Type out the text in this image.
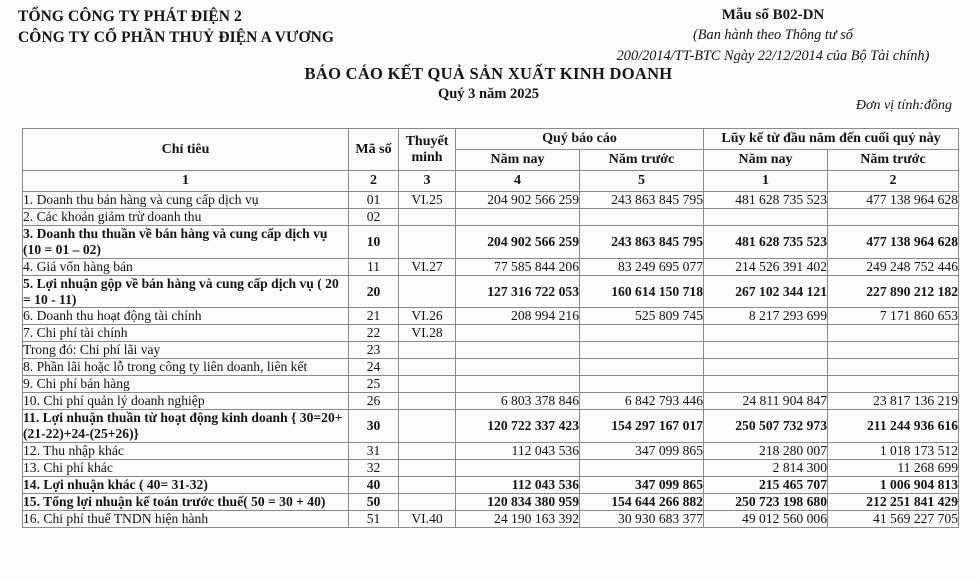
TỔNG CÔNG TY PHÁT ĐIỆN 2
CÔNG TY CỔ PHẦN THUỶ ĐIỆN A VƯƠNG
Mẫu số B02-DN
(Ban hành theo Thông tư số
200/2014/TT-BTC Ngày 22/12/2014 của Bộ Tài chính)
BÁO CÁO KẾT QUẢ SẢN XUẤT KINH DOANH
Quý 3 năm 2025
Đơn vị tính:đồng
Chỉ tiêu	Mã số	Thuyết minh	Quý báo cáo		Lũy kế từ đầu năm đến cuối quý này	
			Năm nay	Năm trước	Năm nay	Năm trước
1	2	3	4	5	1	2
1. Doanh thu bán hàng và cung cấp dịch vụ	01	VI.25	204 902 566 259	243 863 845 795	481 628 735 523	477 138 964 628
2. Các khoản giảm trừ doanh thu	02					
3. Doanh thu thuần về bán hàng và cung cấp dịch vụ (10 = 01 – 02)	10		204 902 566 259	243 863 845 795	481 628 735 523	477 138 964 628
4. Giá vốn hàng bán	11	VI.27	77 585 844 206	83 249 695 077	214 526 391 402	249 248 752 446
5. Lợi nhuận gộp về bán hàng và cung cấp dịch vụ ( 20 = 10 - 11)	20		127 316 722 053	160 614 150 718	267 102 344 121	227 890 212 182
6. Doanh thu hoạt động tài chính	21	VI.26	208 994 216	525 809 745	8 217 293 699	7 171 860 653
7. Chi phí tài chính	22	VI.28				
Trong đó: Chi phí lãi vay	23					
8. Phần lãi hoặc lỗ trong công ty liên doanh, liên kết	24					
9. Chi phí bán hàng	25					
10. Chi phí quản lý doanh nghiệp	26		6 803 378 846	6 842 793 446	24 811 904 847	23 817 136 219
11. Lợi nhuận thuần từ hoạt động kinh doanh { 30=20+ (21-22)+24-(25+26)}	30		120 722 337 423	154 297 167 017	250 507 732 973	211 244 936 616
12. Thu nhập khác	31		112 043 536	347 099 865	218 280 007	1 018 173 512
13. Chi phí khác	32				2 814 300	11 268 699
14. Lợi nhuận khác ( 40= 31-32)	40		112 043 536	347 099 865	215 465 707	1 006 904 813
15. Tổng lợi nhuận kế toán trước thuế( 50 = 30 + 40)	50		120 834 380 959	154 644 266 882	250 723 198 680	212 251 841 429
16. Chi phí thuế TNDN hiện hành	51	VI.40	24 190 163 392	30 930 683 377	49 012 560 006	41 569 227 705
